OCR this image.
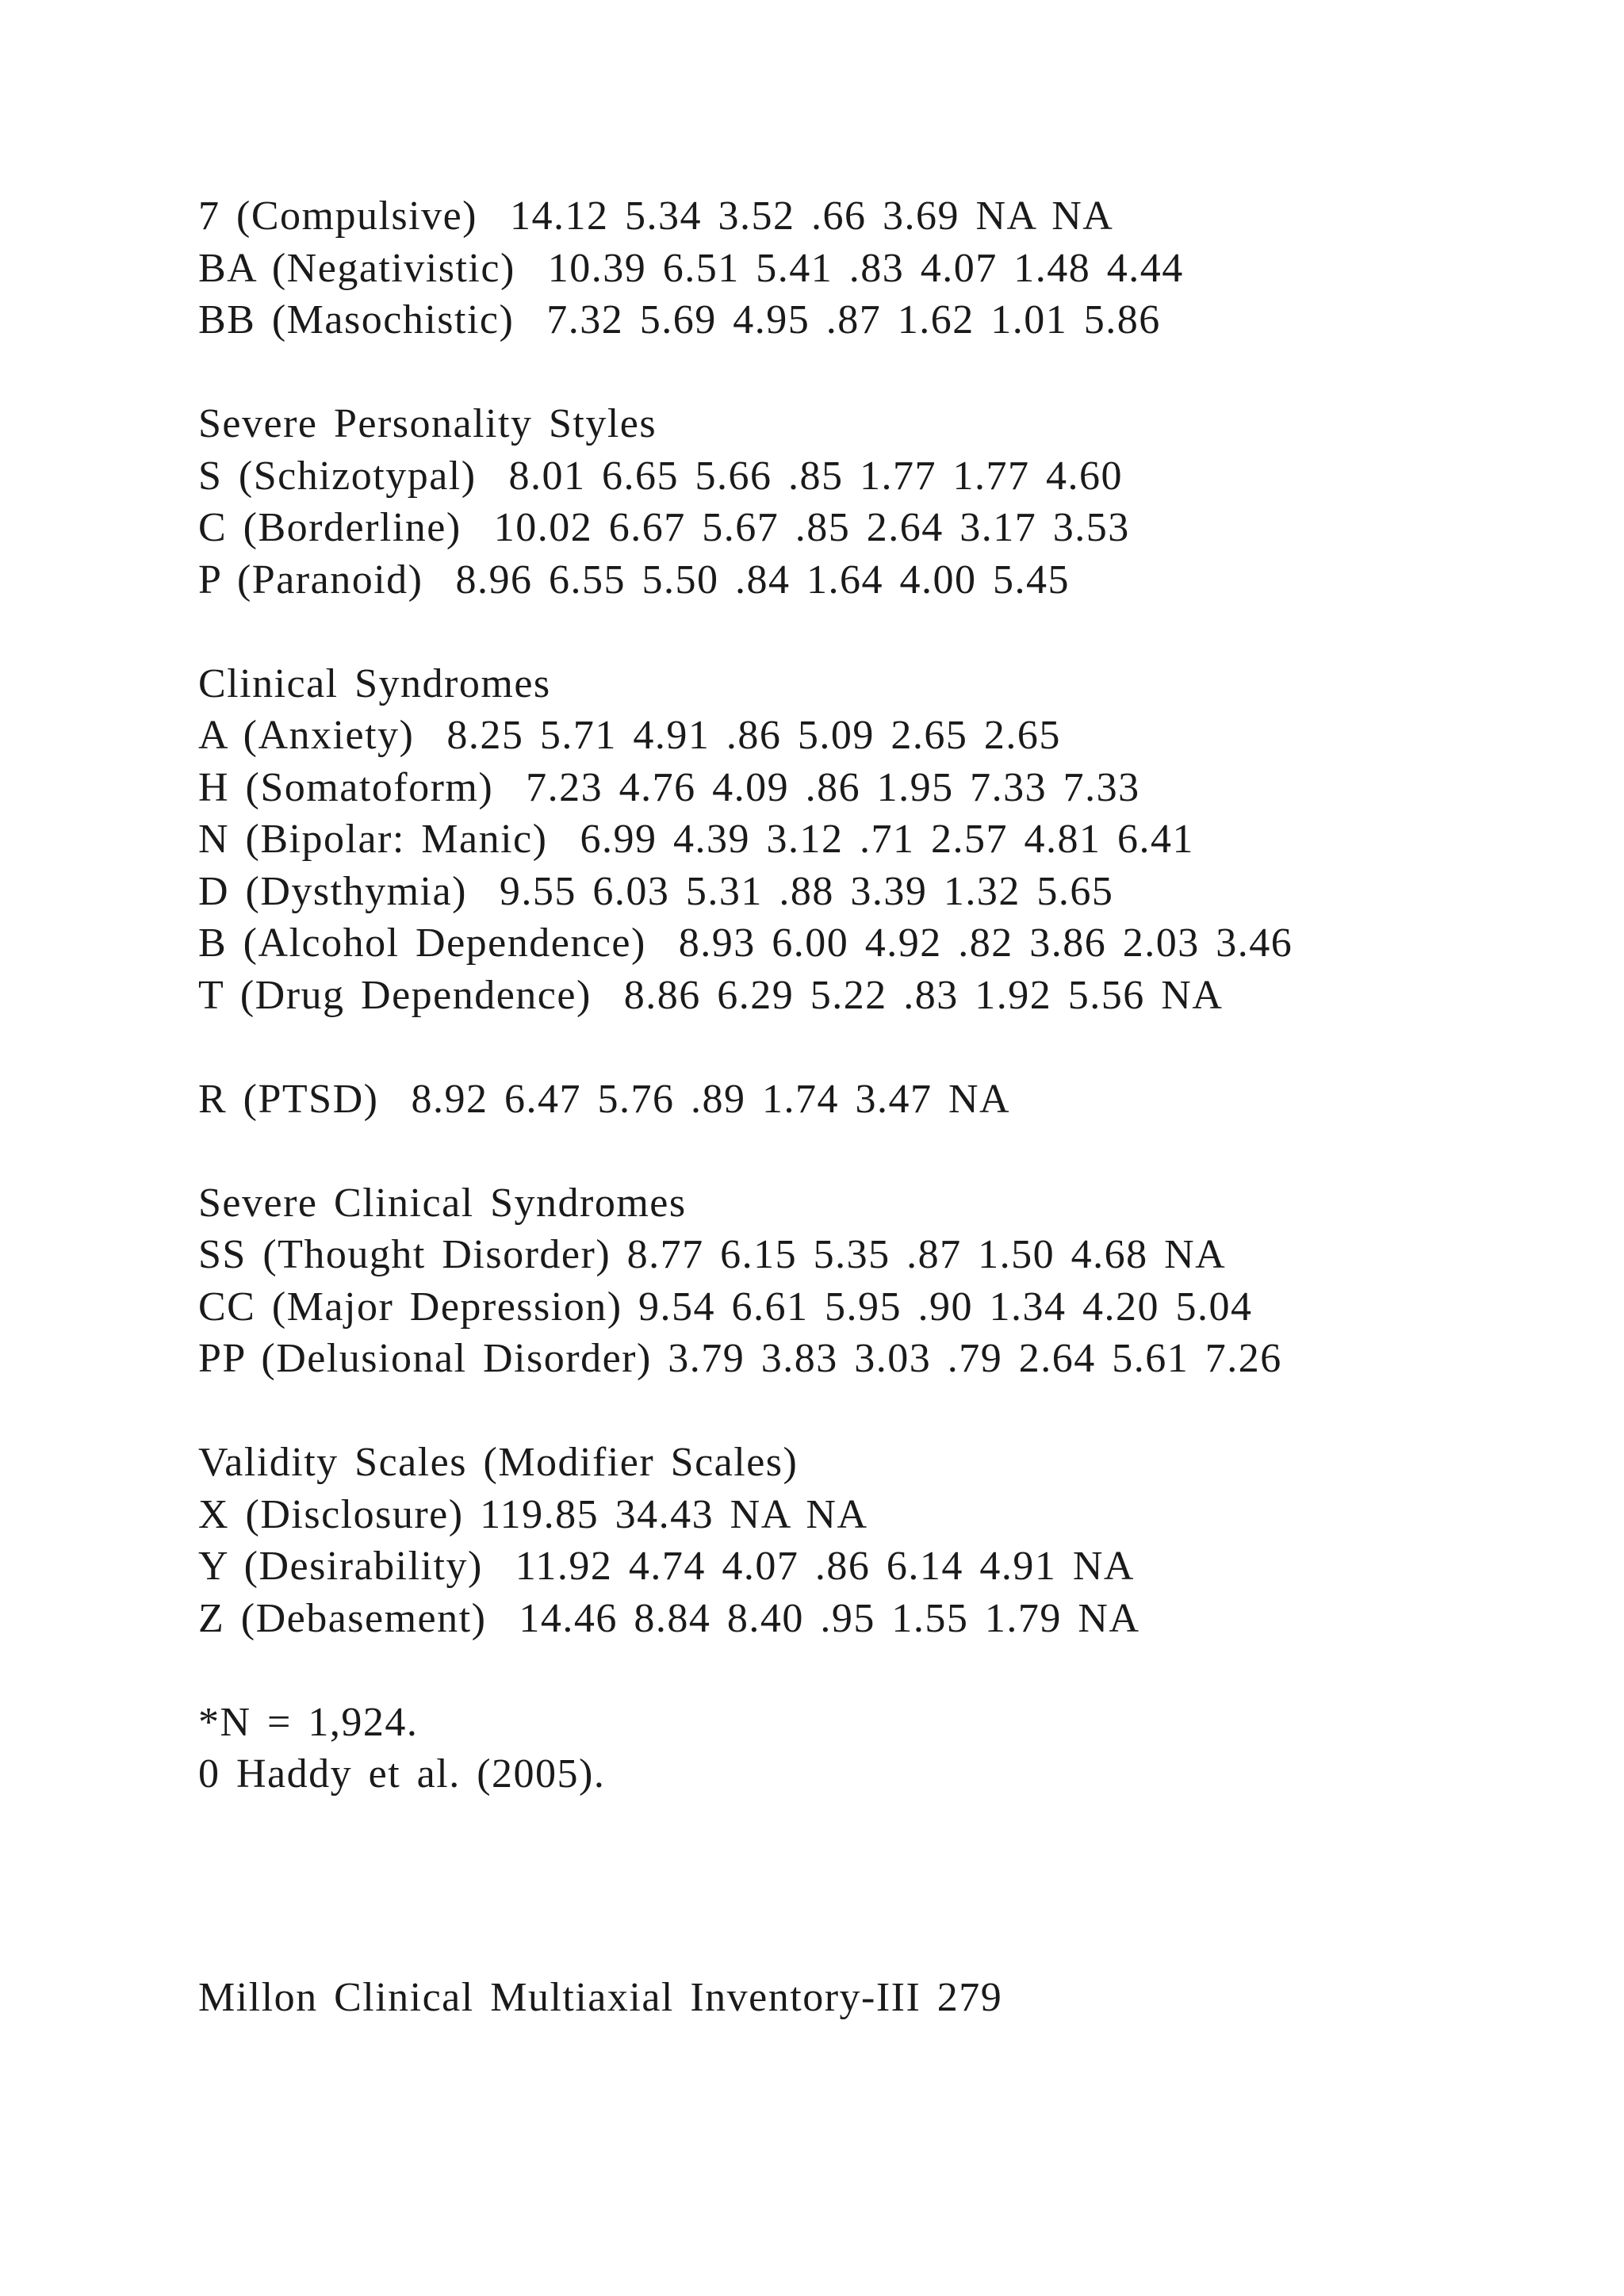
7 (Compulsive)  14.12 5.34 3.52 .66 3.69 NA NA
BA (Negativistic)  10.39 6.51 5.41 .83 4.07 1.48 4.44
BB (Masochistic)  7.32 5.69 4.95 .87 1.62 1.01 5.86
Severe Personality Styles
S (Schizotypal)  8.01 6.65 5.66 .85 1.77 1.77 4.60
C (Borderline)  10.02 6.67 5.67 .85 2.64 3.17 3.53
P (Paranoid)  8.96 6.55 5.50 .84 1.64 4.00 5.45
Clinical Syndromes
A (Anxiety)  8.25 5.71 4.91 .86 5.09 2.65 2.65
H (Somatoform)  7.23 4.76 4.09 .86 1.95 7.33 7.33
N (Bipolar: Manic)  6.99 4.39 3.12 .71 2.57 4.81 6.41
D (Dysthymia)  9.55 6.03 5.31 .88 3.39 1.32 5.65
B (Alcohol Dependence)  8.93 6.00 4.92 .82 3.86 2.03 3.46
T (Drug Dependence)  8.86 6.29 5.22 .83 1.92 5.56 NA
R (PTSD)  8.92 6.47 5.76 .89 1.74 3.47 NA
Severe Clinical Syndromes
SS (Thought Disorder) 8.77 6.15 5.35 .87 1.50 4.68 NA
CC (Major Depression) 9.54 6.61 5.95 .90 1.34 4.20 5.04
PP (Delusional Disorder) 3.79 3.83 3.03 .79 2.64 5.61 7.26
Validity Scales (Modifier Scales)
X (Disclosure) 119.85 34.43 NA NA
Y (Desirability)  11.92 4.74 4.07 .86 6.14 4.91 NA
Z (Debasement)  14.46 8.84 8.40 .95 1.55 1.79 NA
*N = 1,924.
0 Haddy et al. (2005).
Millon Clinical Multiaxial Inventory-III 279
